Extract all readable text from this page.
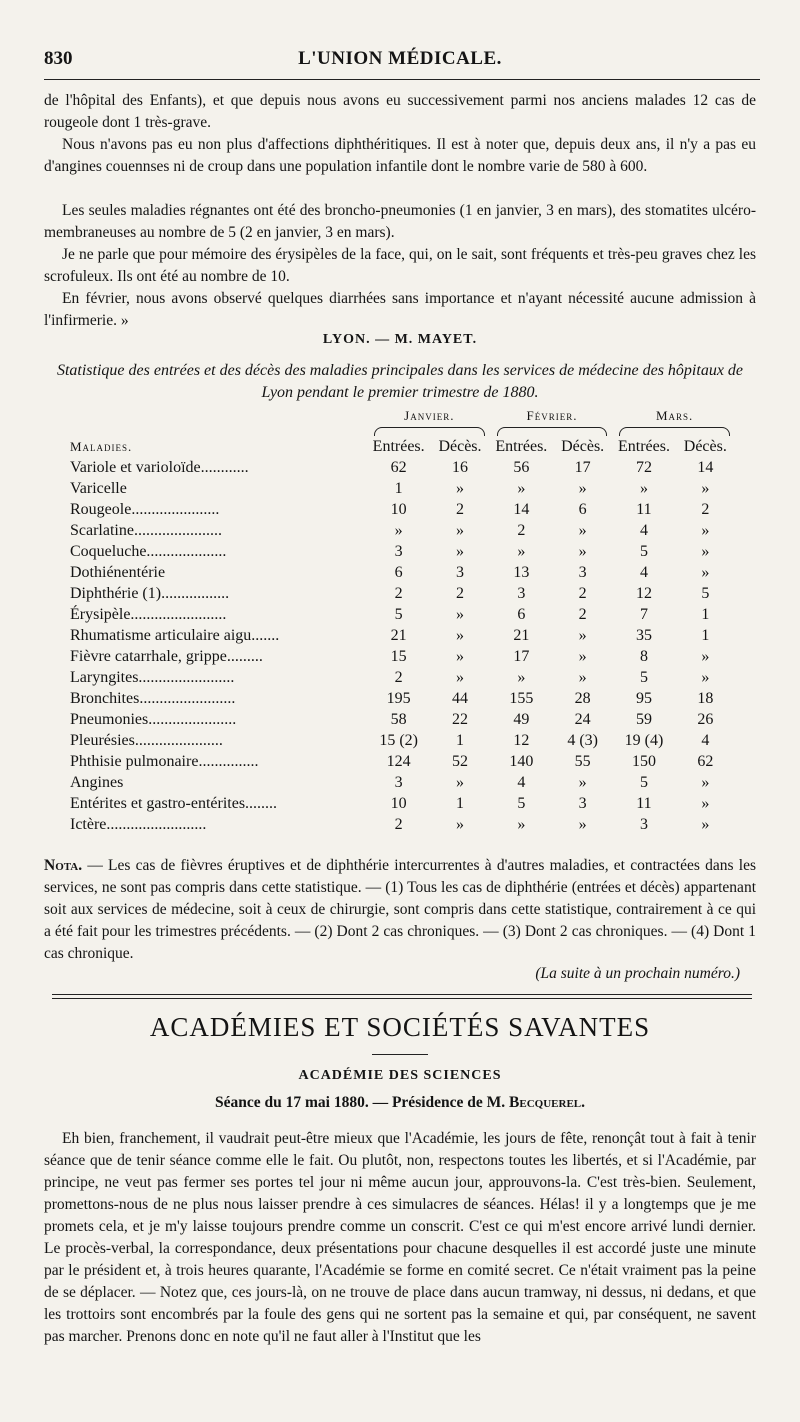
830	L'UNION MÉDICALE.

de l'hôpital des Enfants), et que depuis nous avons eu successivement parmi nos anciens malades 12 cas de rougeole dont 1 très-grave.

Nous n'avons pas eu non plus d'affections diphthéritiques. Il est à noter que, depuis deux ans, il n'y a pas eu d'angines couennses ni de croup dans une population infantile dont le nombre varie de 580 à 600.

Les seules maladies régnantes ont été des broncho-pneumonies (1 en janvier, 3 en mars), des stomatites ulcéro-membraneuses au nombre de 5 (2 en janvier, 3 en mars).

Je ne parle que pour mémoire des érysipèles de la face, qui, on le sait, sont fréquents et très-peu graves chez les scrofuleux. Ils ont été au nombre de 10.

En février, nous avons observé quelques diarrhées sans importance et n'ayant nécessité aucune admission à l'infirmerie. »

LYON. — M. MAYET.

Statistique des entrées et des décès des maladies principales dans les services de médecine des hôpitaux de Lyon pendant le premier trimestre de 1880.

	Janvier.		Février.		Mars.	

Maladies.	Entrées.	Décès.	Entrées.	Décès.	Entrées.	Décès.
Variole et varioloïde............	62	16	56	17	72	14
Varicelle	1	»	»	»	»	»
Rougeole......................	10	2	14	6	11	2
Scarlatine......................	»	»	2	»	4	»
Coqueluche....................	3	»	»	»	5	»
Dothiénentérie	6	3	13	3	4	»
Diphthérie (1).................	2	2	3	2	12	5
Érysipèle........................	5	»	6	2	7	1
Rhumatisme articulaire aigu.......	21	»	21	»	35	1
Fièvre catarrhale, grippe.........	15	»	17	»	8	»
Laryngites........................	2	»	»	»	5	»
Bronchites........................	195	44	155	28	95	18
Pneumonies......................	58	22	49	24	59	26
Pleurésies......................	15 (2)	1	12	4 (3)	19 (4)	4
Phthisie pulmonaire...............	124	52	140	55	150	62
Angines	3	»	4	»	5	»
Entérites et gastro-entérites........	10	1	5	3	11	»
Ictère.........................	2	»	»	»	3	»

Nota. — Les cas de fièvres éruptives et de diphthérie intercurrentes à d'autres maladies, et contractées dans les services, ne sont pas compris dans cette statistique. — (1) Tous les cas de diphthérie (entrées et décès) appartenant soit aux services de médecine, soit à ceux de chirurgie, sont compris dans cette statistique, contrairement à ce qui a été fait pour les trimestres précédents. — (2) Dont 2 cas chroniques. — (3) Dont 2 cas chroniques. — (4) Dont 1 cas chronique.

(La suite à un prochain numéro.)

ACADÉMIES ET SOCIÉTÉS SAVANTES

ACADÉMIE DES SCIENCES

Séance du 17 mai 1880. — Présidence de M. Becquerel.

Eh bien, franchement, il vaudrait peut-être mieux que l'Académie, les jours de fête, renonçât tout à fait à tenir séance que de tenir séance comme elle le fait. Ou plutôt, non, respectons toutes les libertés, et si l'Académie, par principe, ne veut pas fermer ses portes tel jour ni même aucun jour, approuvons-la. C'est très-bien. Seulement, promettons-nous de ne plus nous laisser prendre à ces simulacres de séances. Hélas! il y a longtemps que je me promets cela, et je m'y laisse toujours prendre comme un conscrit. C'est ce qui m'est encore arrivé lundi dernier. Le procès-verbal, la correspondance, deux présentations pour chacune desquelles il est accordé juste une minute par le président et, à trois heures quarante, l'Académie se forme en comité secret. Ce n'était vraiment pas la peine de se déplacer. — Notez que, ces jours-là, on ne trouve de place dans aucun tramway, ni dessus, ni dedans, et que les trottoirs sont encombrés par la foule des gens qui ne sortent pas la semaine et qui, par conséquent, ne savent pas marcher. Prenons donc en note qu'il ne faut aller à l'Institut que les
